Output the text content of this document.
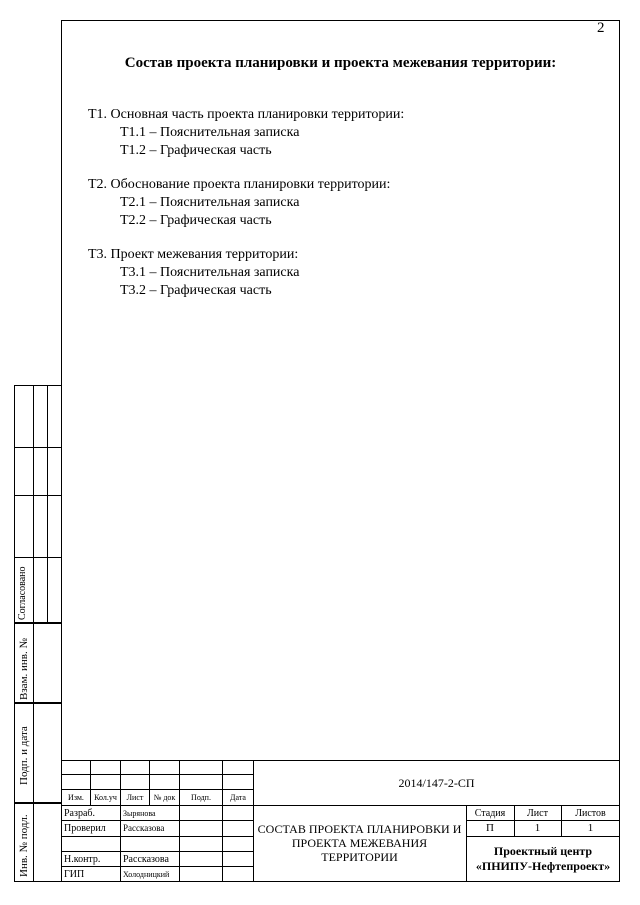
2
Состав проекта планировки и проекта межевания территории:
Т1. Основная часть проекта планировки территории:
Т1.1 – Пояснительная записка
Т1.2 – Графическая часть
Т2. Обоснование проекта планировки территории:
Т2.1 – Пояснительная записка
Т2.2 – Графическая часть
Т3. Проект межевания территории:
Т3.1 – Пояснительная записка
Т3.2 – Графическая часть
Согласовано
Взам. инв. №
Подп. и дата
Инв. № подл.
Изм.	Кол.уч	Лист	№ док	Подп.	Дата
Разраб.	Зырянова
Проверил Рассказова
Н.контр. Рассказова
ГИП	Холодницкий
2014/147-2-СП
СОСТАВ ПРОЕКТА ПЛАНИРОВКИ И ПРОЕКТА МЕЖЕВАНИЯ ТЕРРИТОРИИ
Стадия	Лист	Листов
П	1	1
Проектный центр «ПНИПУ-Нефтепроект»
